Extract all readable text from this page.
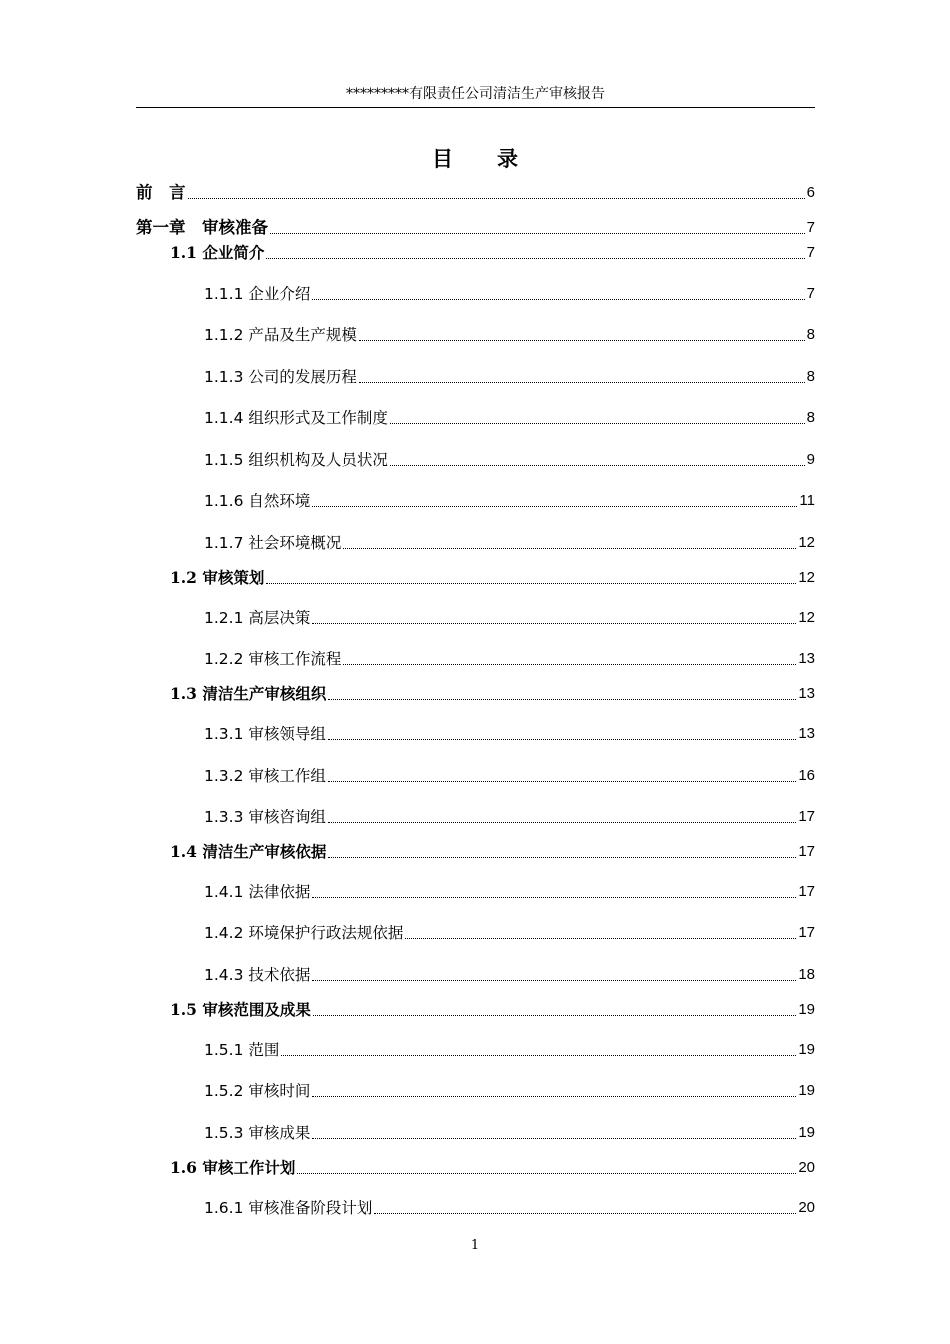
*********有限责任公司清洁生产审核报告
目录
前　言	6
第一章　审核准备	7
1.1 企业简介	7
1.1.1 企业介绍	7
1.1.2 产品及生产规模	8
1.1.3 公司的发展历程	8
1.1.4 组织形式及工作制度	8
1.1.5 组织机构及人员状况	9
1.1.6 自然环境	11
1.1.7 社会环境概况	12
1.2 审核策划	12
1.2.1 高层决策	12
1.2.2 审核工作流程	13
1.3 清洁生产审核组织	13
1.3.1 审核领导组	13
1.3.2 审核工作组	16
1.3.3 审核咨询组	17
1.4 清洁生产审核依据	17
1.4.1 法律依据	17
1.4.2 环境保护行政法规依据	17
1.4.3 技术依据	18
1.5 审核范围及成果	19
1.5.1 范围	19
1.5.2 审核时间	19
1.5.3 审核成果	19
1.6 审核工作计划	20
1.6.1 审核准备阶段计划	20
1
